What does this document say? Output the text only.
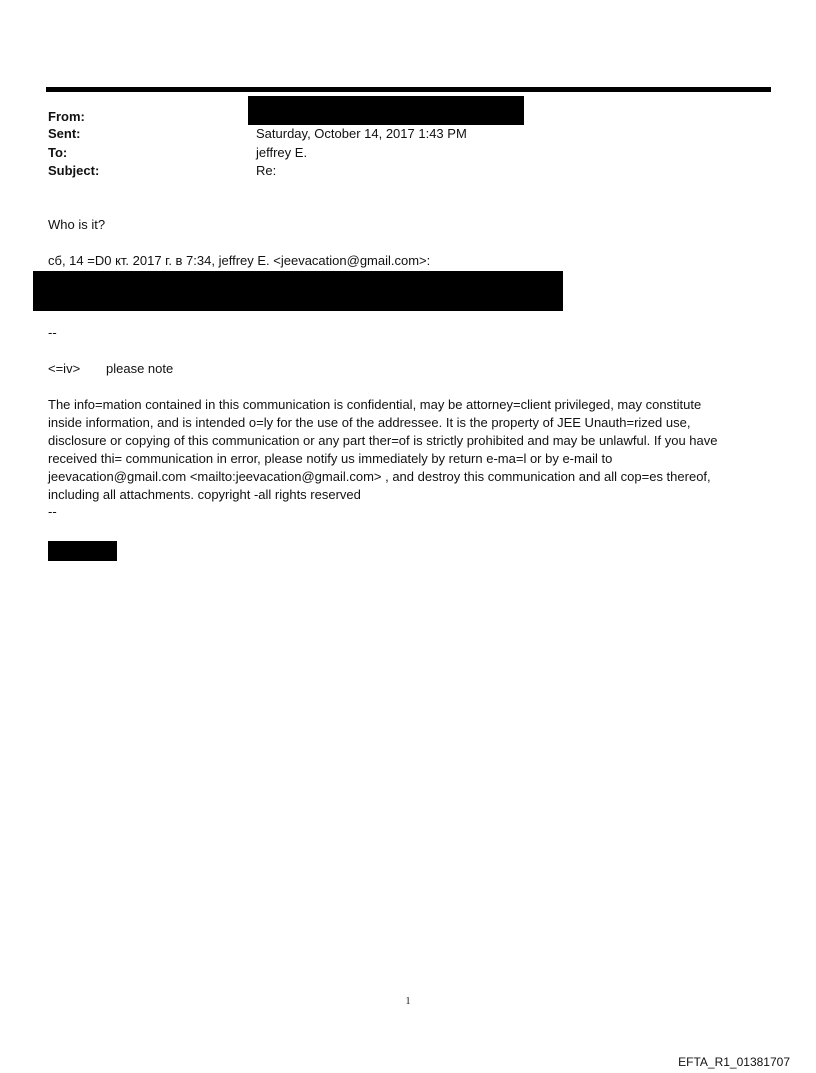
From:
Sent:	Saturday, October 14, 2017 1:43 PM
To:	jeffrey E.
Subject:	Re:
Who is it?
сб, 14 =D0 кт. 2017 г. в 7:34, jeffrey E. <jeevacation@gmail.com>:
--
<=iv> please note
The info=mation contained in this communication is confidential, may be attorney=client privileged, may constitute
inside information, and is intended o=ly for the use of the addressee. It is the property of JEE Unauth=rized use,
disclosure or copying of this communication or any part ther=of is strictly prohibited and may be unlawful. If you have
received thi= communication in error, please notify us immediately by return e-ma=l or by e-mail to
jeevacation@gmail.com <mailto:jeevacation@gmail.com> , and destroy this communication and all cop=es thereof,
including all attachments. copyright -all rights reserved
--
1
EFTA_R1_01381707
